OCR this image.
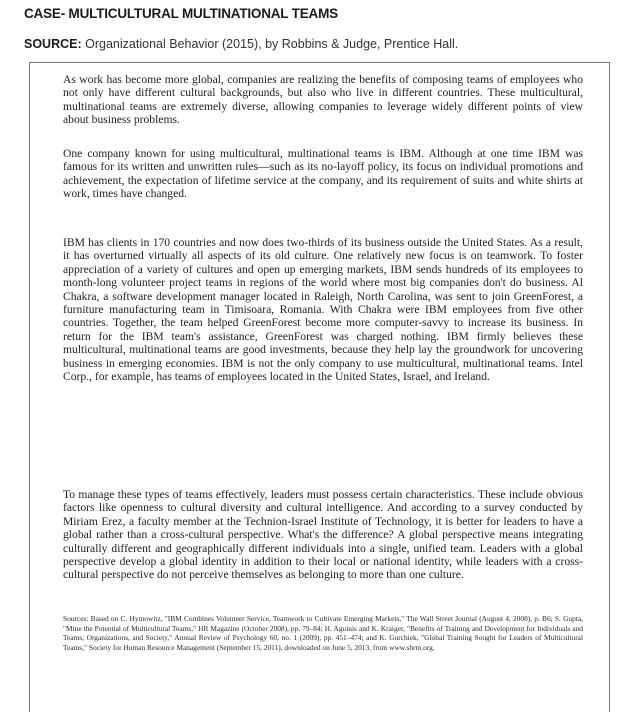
CASE- MULTICULTURAL MULTINATIONAL TEAMS
SOURCE: Organizational Behavior (2015), by Robbins & Judge, Prentice Hall.

As work has become more global, companies are realizing the benefits of composing teams of employees who not only have different cultural backgrounds, but also who live in different countries. These multicultural, multinational teams are extremely diverse, allowing companies to leverage widely different points of view about business problems.

One company known for using multicultural, multinational teams is IBM. Although at one time IBM was famous for its written and unwritten rules—such as its no-layoff policy, its focus on individual promotions and achievement, the expectation of lifetime service at the company, and its requirement of suits and white shirts at work, times have changed.

IBM has clients in 170 countries and now does two-thirds of its business outside the United States. As a result, it has overturned virtually all aspects of its old culture. One relatively new focus is on teamwork. To foster appreciation of a variety of cultures and open up emerging markets, IBM sends hundreds of its employees to month-long volunteer project teams in regions of the world where most big companies don't do business. Al Chakra, a software development manager located in Raleigh, North Carolina, was sent to join GreenForest, a furniture manufacturing team in Timisoara, Romania. With Chakra were IBM employees from five other countries. Together, the team helped GreenForest become more computer-savvy to increase its business. In return for the IBM team's assistance, GreenForest was charged nothing. IBM firmly believes these multicultural, multinational teams are good investments, because they help lay the groundwork for uncovering business in emerging economies. IBM is not the only company to use multicultural, multinational teams. Intel Corp., for example, has teams of employees located in the United States, Israel, and Ireland.

To manage these types of teams effectively, leaders must possess certain characteristics. These include obvious factors like openness to cultural diversity and cultural intelligence. And according to a survey conducted by Miriam Erez, a faculty member at the Technion-Israel Institute of Technology, it is better for leaders to have a global rather than a cross-cultural perspective. What's the difference? A global perspective means integrating culturally different and geographically different individuals into a single, unified team. Leaders with a global perspective develop a global identity in addition to their local or national identity, while leaders with a cross-cultural perspective do not perceive themselves as belonging to more than one culture.

Sources: Based on C. Hymowitz, "IBM Combines Volunteer Service, Teamwork to Cultivate Emerging Markets," The Wall Street Journal (August 4, 2008), p. B6; S. Gupta, "Mine the Potential of Multicultural Teams," HR Magazine (October 2008), pp. 79–84; H. Aguinis and K. Kraiger, "Benefits of Training and Development for Individuals and Teams, Organizations, and Society," Annual Review of Psychology 60, no. 1 (2009), pp. 451–474; and K. Gurchiek, "Global Training Sought for Leaders of Multicultural Teams," Society for Human Resource Management (September 15, 2011), downloaded on June 5, 2013, from www.shrm.org.
